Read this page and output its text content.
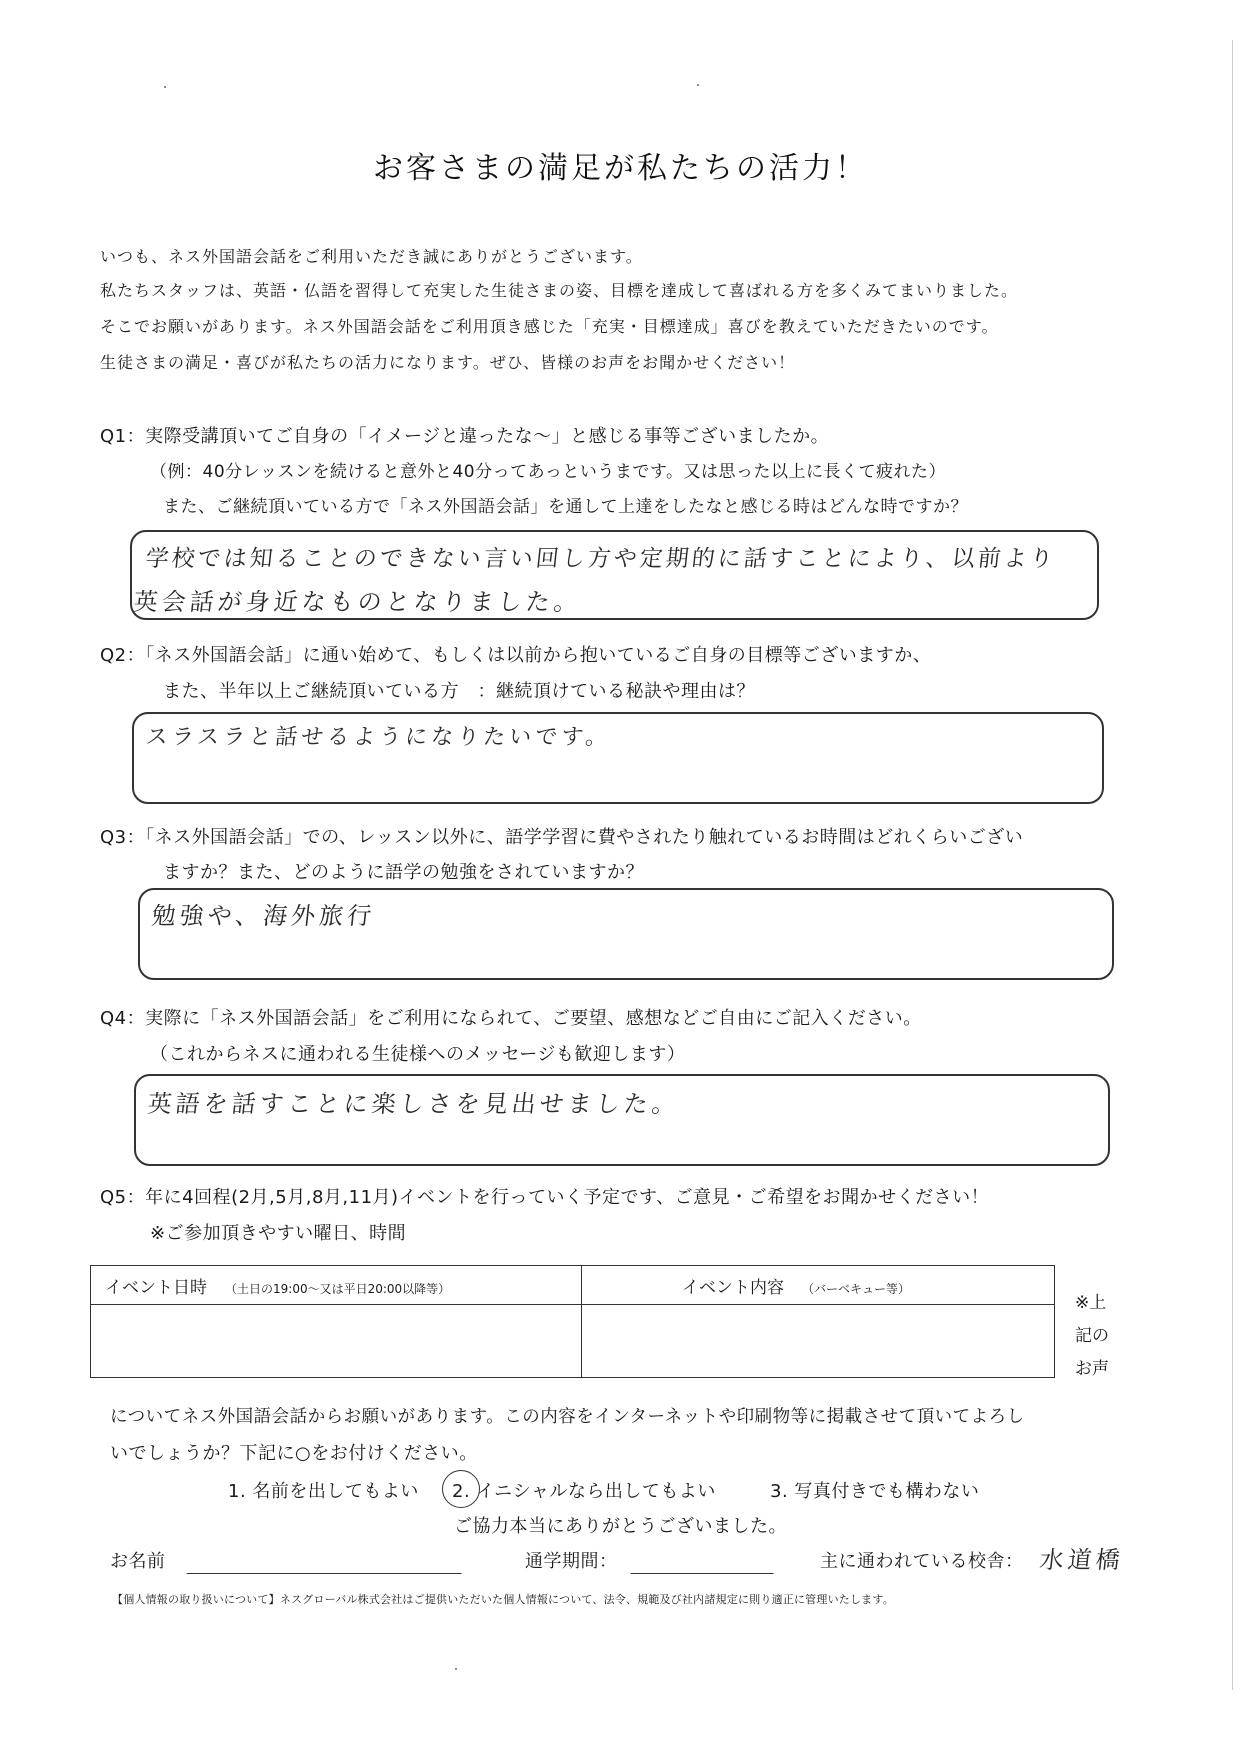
お客さまの満足が私たちの活力！
いつも、ネス外国語会話をご利用いただき誠にありがとうございます。
私たちスタッフは、英語・仏語を習得して充実した生徒さまの姿、目標を達成して喜ばれる方を多くみてまいりました。
そこでお願いがあります。ネス外国語会話をご利用頂き感じた「充実・目標達成」喜びを教えていただきたいのです。
生徒さまの満足・喜びが私たちの活力になります。ぜひ、皆様のお声をお聞かせください！
Q1：実際受講頂いてご自身の「イメージと違ったな～」と感じる事等ございましたか。
（例：40分レッスンを続けると意外と40分ってあっというまです。又は思った以上に長くて疲れた）
また、ご継続頂いている方で「ネス外国語会話」を通して上達をしたなと感じる時はどんな時ですか？
学校では知ることのできない言い回し方や定期的に話すことにより、以前より
英会話が身近なものとなりました。
Q2：「ネス外国語会話」に通い始めて、もしくは以前から抱いているご自身の目標等ございますか、
また、半年以上ご継続頂いている方　：継続頂けている秘訣や理由は？
スラスラと話せるようになりたいです。
Q3：「ネス外国語会話」での、レッスン以外に、語学学習に費やされたり触れているお時間はどれくらいござい
ますか？また、どのように語学の勉強をされていますか？
勉強や、海外旅行
Q4：実際に「ネス外国語会話」をご利用になられて、ご要望、感想などご自由にご記入ください。
（これからネスに通われる生徒様へのメッセージも歓迎します）
英語を話すことに楽しさを見出せました。
Q5：年に4回程(2月,5月,8月,11月)イベントを行っていく予定です、ご意見・ご希望をお聞かせください！
※ご参加頂きやすい曜日、時間
イベント日時 （土日の19:00～又は平日20:00以降等）	イベント内容 （バーベキュー等）

※上
記の
お声
についてネス外国語会話からお願いがあります。この内容をインターネットや印刷物等に掲載させて頂いてよろし
いでしょうか？下記に○をお付けください。
1. 名前を出してもよい 2. イニシャルなら出してもよい	3. 写真付きでも構わない
ご協力本当にありがとうございました。
お名前	通学期間：	主に通われている校舎： 水道橋
【個人情報の取り扱いについて】ネスグローバル株式会社はご提供いただいた個人情報について、法令、規範及び社内諸規定に則り適正に管理いたします。
